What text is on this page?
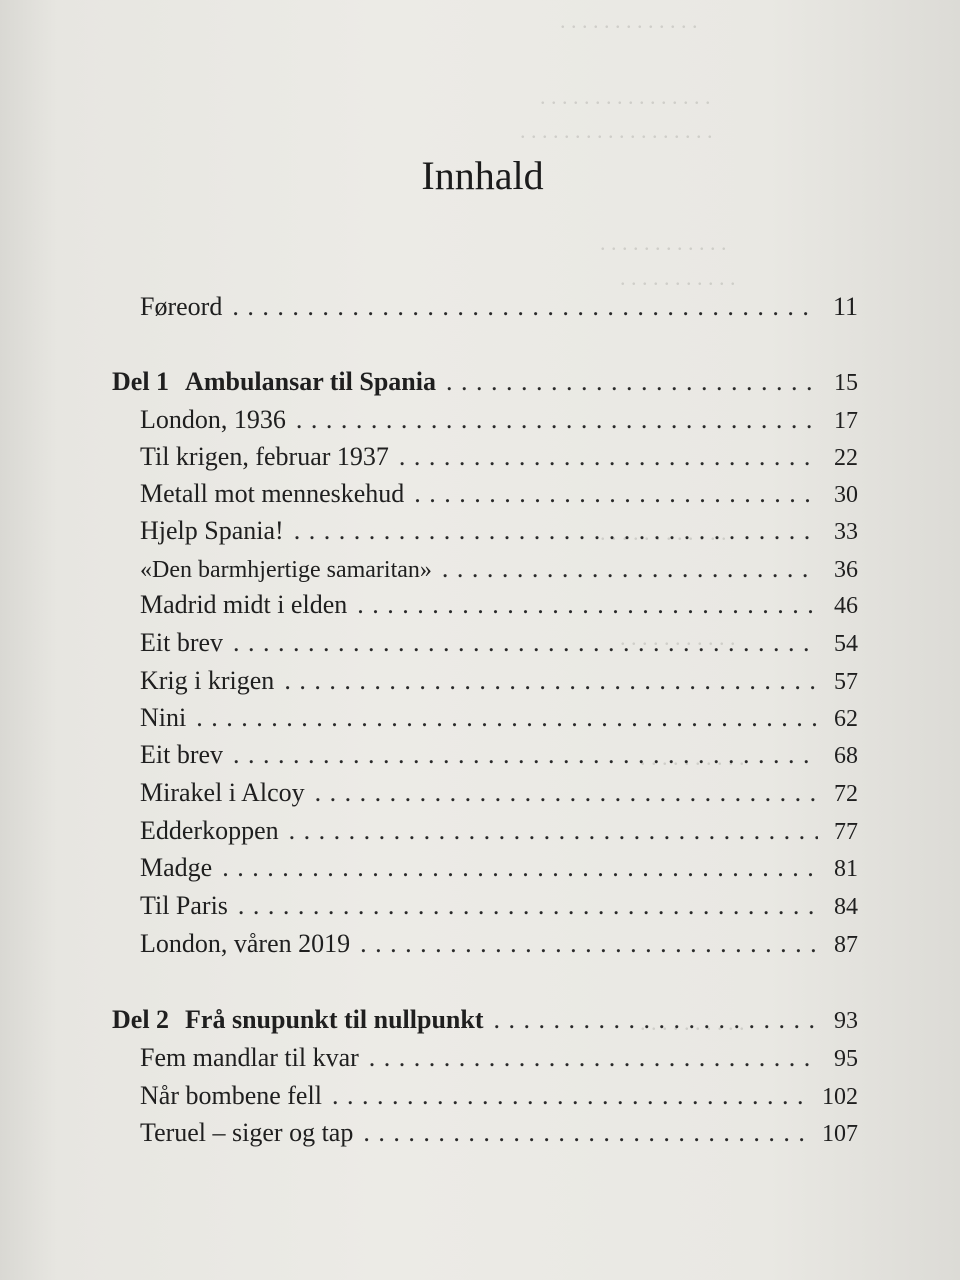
. . . . . . . . . . . . .
. . . . . . . . . . . . . . . .
. . . . . . . . . . . . . . . . . .
. . . . . . . . . . . .
. . . . . . . . . . .
. . . . . . . . . . . .
. . . . . . . . . . .
. . . . . . . . . .
. . . . . . . . . .
Innhald
Føreord . . .	11
Del 1 Ambulansar til Spania . . .	15
London, 1936 . . .	17
Til krigen, februar 1937 . . .	22
Metall mot menneskehud . . .	30
Hjelp Spania! . . .	33
«Den barmhjertige samaritan» . . .	36
Madrid midt i elden . . .	46
Eit brev . . .	54
Krig i krigen . . .	57
Nini . . .	62
Eit brev . . .	68
Mirakel i Alcoy . . .	72
Edderkoppen . . .	77
Madge . . .	81
Til Paris . . .	84
London, våren 2019 . . .	87
Del 2 Frå snupunkt til nullpunkt . . .	93
Fem mandlar til kvar . . .	95
Når bombene fell . . .	102
Teruel – siger og tap . . .	107
